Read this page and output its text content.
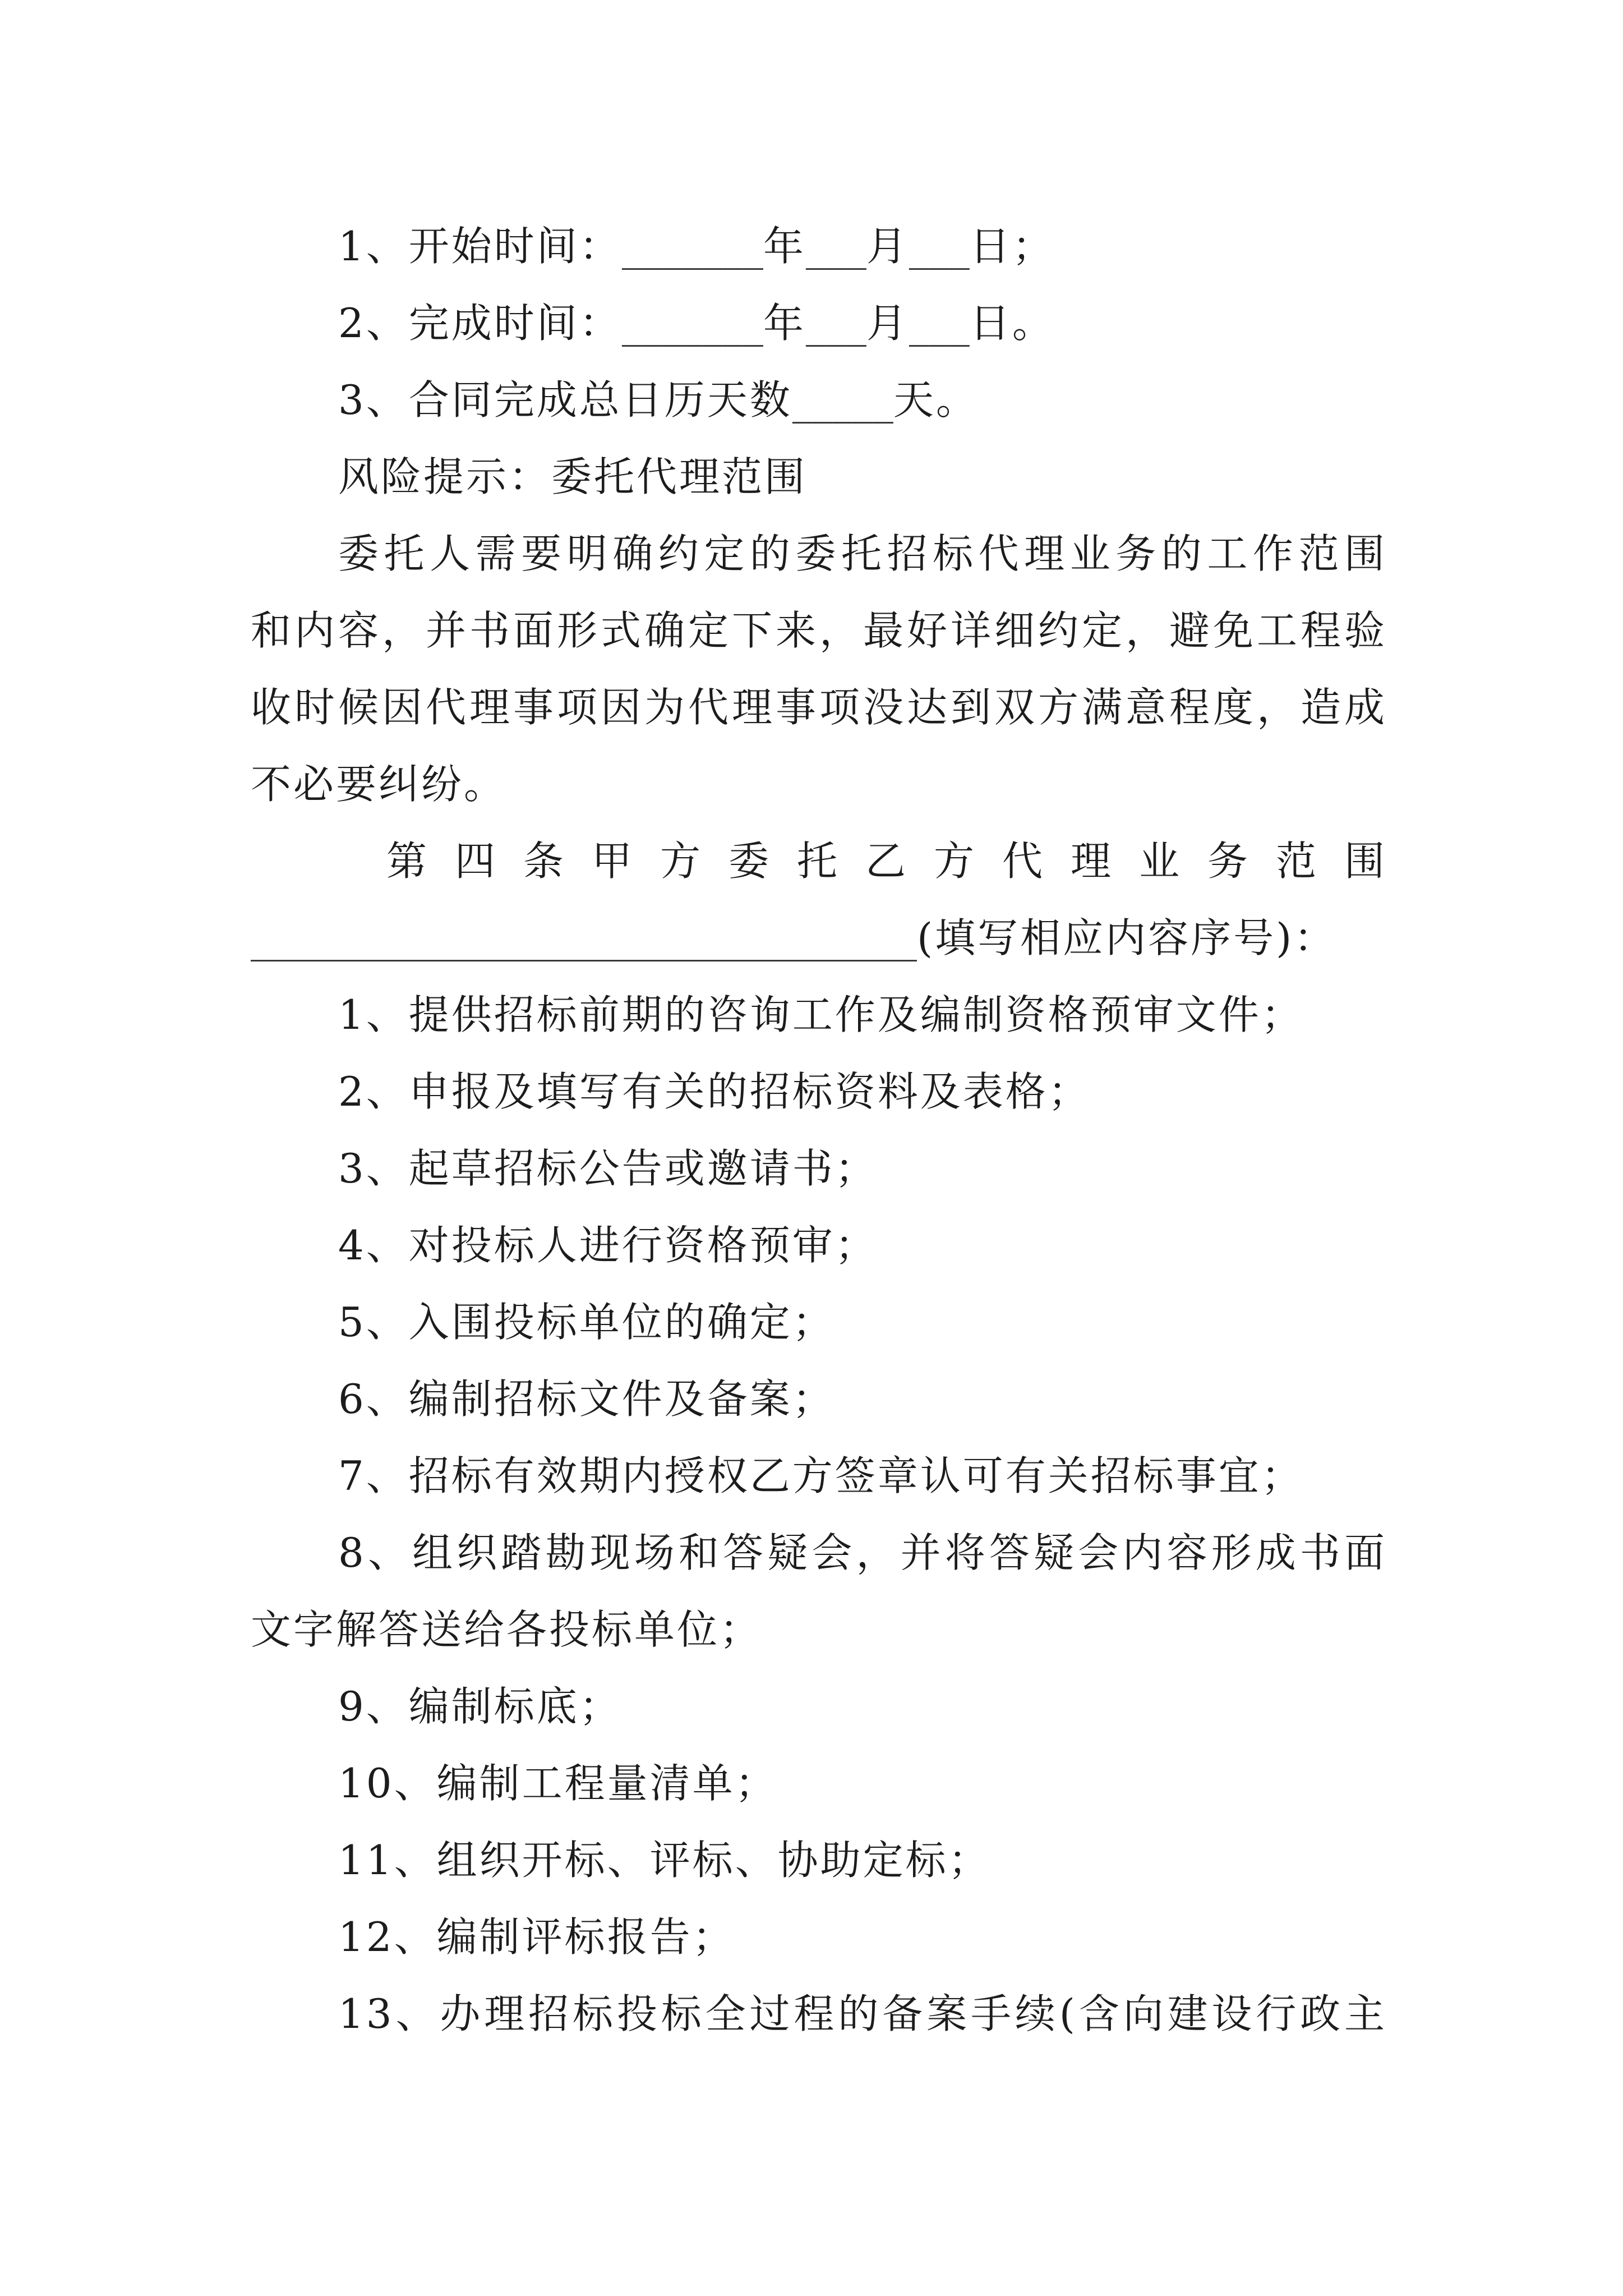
1、开始时间：_______年___月___日；
2、完成时间：_______年___月___日。
3、合同完成总日历天数_____天。
风险提示：委托代理范围
委托人需要明确约定的委托招标代理业务的工作范围
和内容，并书面形式确定下来，最好详细约定，避免工程验
收时候因代理事项因为代理事项没达到双方满意程度，造成
不必要纠纷。
第四条甲方委托乙方代理业务范围
_________________________________(填写相应内容序号)：
1、提供招标前期的咨询工作及编制资格预审文件；
2、申报及填写有关的招标资料及表格；
3、起草招标公告或邀请书；
4、对投标人进行资格预审；
5、入围投标单位的确定；
6、编制招标文件及备案；
7、招标有效期内授权乙方签章认可有关招标事宜；
8、组织踏勘现场和答疑会，并将答疑会内容形成书面
文字解答送给各投标单位；
9、编制标底；
10、编制工程量清单；
11、组织开标、评标、协助定标；
12、编制评标报告；
13、办理招标投标全过程的备案手续(含向建设行政主
